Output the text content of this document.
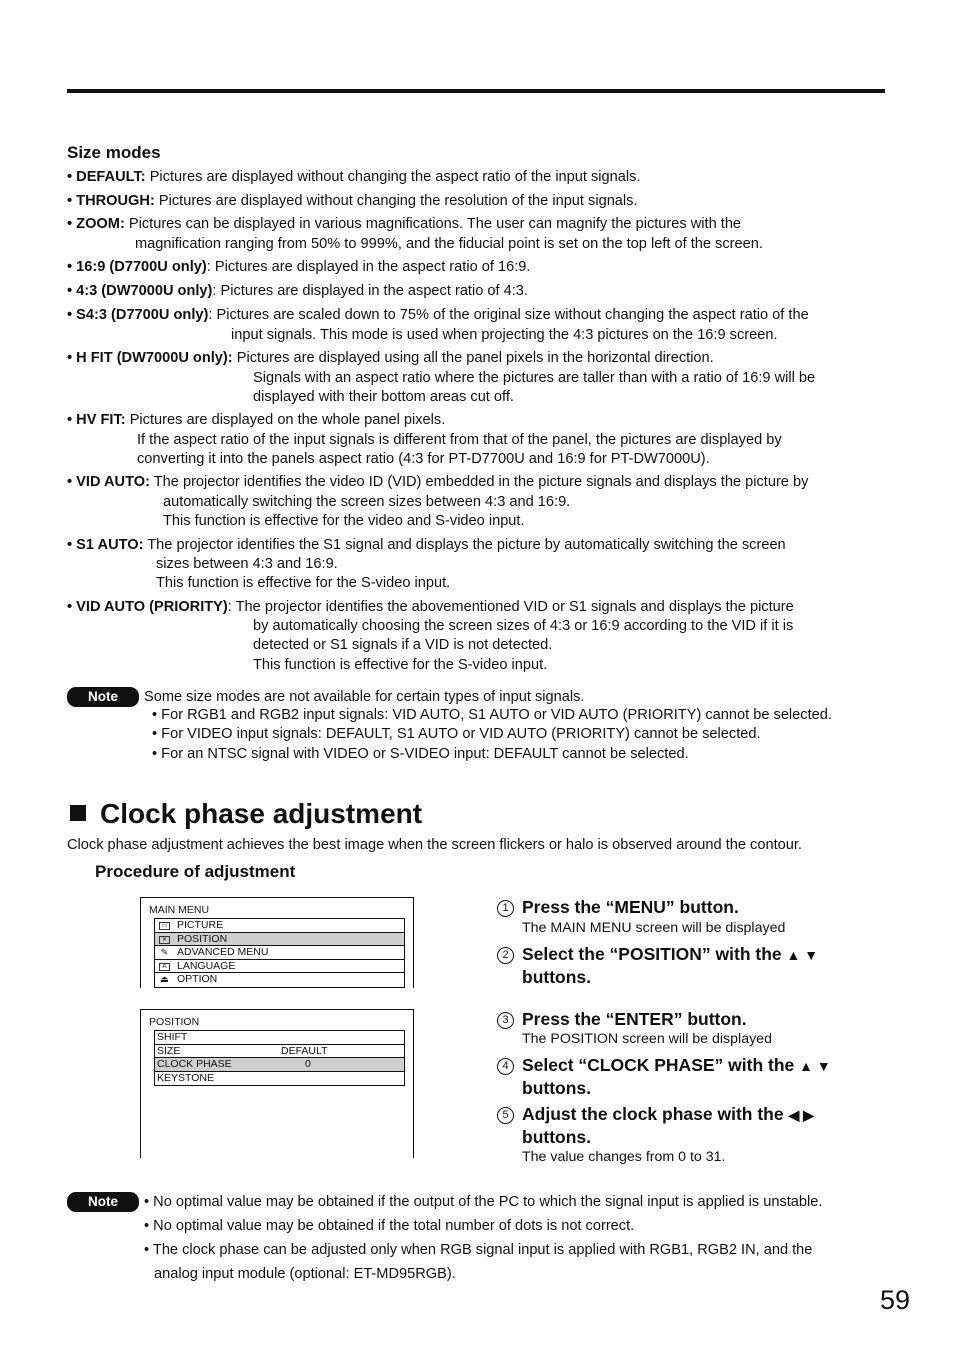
Size modes
• DEFAULT: Pictures are displayed without changing the aspect ratio of the input signals.
• THROUGH: Pictures are displayed without changing the resolution of the input signals.
• ZOOM: Pictures can be displayed in various magnifications. The user can magnify the pictures with the
magnification ranging from 50% to 999%, and the fiducial point is set on the top left of the screen.
• 16:9 (D7700U only): Pictures are displayed in the aspect ratio of 16:9.
• 4:3 (DW7000U only): Pictures are displayed in the aspect ratio of 4:3.
• S4:3 (D7700U only): Pictures are scaled down to 75% of the original size without changing the aspect ratio of the
input signals. This mode is used when projecting the 4:3 pictures on the 16:9 screen.
• H FIT (DW7000U only): Pictures are displayed using all the panel pixels in the horizontal direction.
Signals with an aspect ratio where the pictures are taller than with a ratio of 16:9 will be
displayed with their bottom areas cut off.
• HV FIT: Pictures are displayed on the whole panel pixels.
If the aspect ratio of the input signals is different from that of the panel, the pictures are displayed by
converting it into the panels aspect ratio (4:3 for PT-D7700U and 16:9 for PT-DW7000U).
• VID AUTO: The projector identifies the video ID (VID) embedded in the picture signals and displays the picture by
automatically switching the screen sizes between 4:3 and 16:9.
This function is effective for the video and S-video input.
• S1 AUTO: The projector identifies the S1 signal and displays the picture by automatically switching the screen
sizes between 4:3 and 16:9.
This function is effective for the S-video input.
• VID AUTO (PRIORITY): The projector identifies the abovementioned VID or S1 signals and displays the picture
by automatically choosing the screen sizes of 4:3 or 16:9 according to the VID if it is
detected or S1 signals if a VID is not detected.
This function is effective for the S-video input.
Note	Some size modes are not available for certain types of input signals.
• For RGB1 and RGB2 input signals: VID AUTO, S1 AUTO or VID AUTO (PRIORITY) cannot be selected.
• For VIDEO input signals: DEFAULT, S1 AUTO or VID AUTO (PRIORITY) cannot be selected.
• For an NTSC signal with VIDEO or S-VIDEO input: DEFAULT cannot be selected.
Clock phase adjustment
Clock phase adjustment achieves the best image when the screen flickers or halo is observed around the contour.
Procedure of adjustment
MAIN MENU
▭ PICTURE
✕ POSITION
✎ ADVANCED MENU
A	LANGUAGE
⏏ OPTION
POSITION
SHIFT
SIZE	DEFAULT
CLOCK PHASE	0
KEYSTONE
1 Press the “MENU” button.
The MAIN MENU screen will be displayed
2 Select the “POSITION” with the ▲ ▼
buttons.
3 Press the “ENTER” button.
The POSITION screen will be displayed
4 Select “CLOCK PHASE” with the ▲ ▼
buttons.
5 Adjust the clock phase with the ◀ ▶
buttons.
The value changes from 0 to 31.
Note	• No optimal value may be obtained if the output of the PC to which the signal input is applied is unstable.
• No optimal value may be obtained if the total number of dots is not correct.
• The clock phase can be adjusted only when RGB signal input is applied with RGB1, RGB2 IN, and the
analog input module (optional: ET-MD95RGB).
59
